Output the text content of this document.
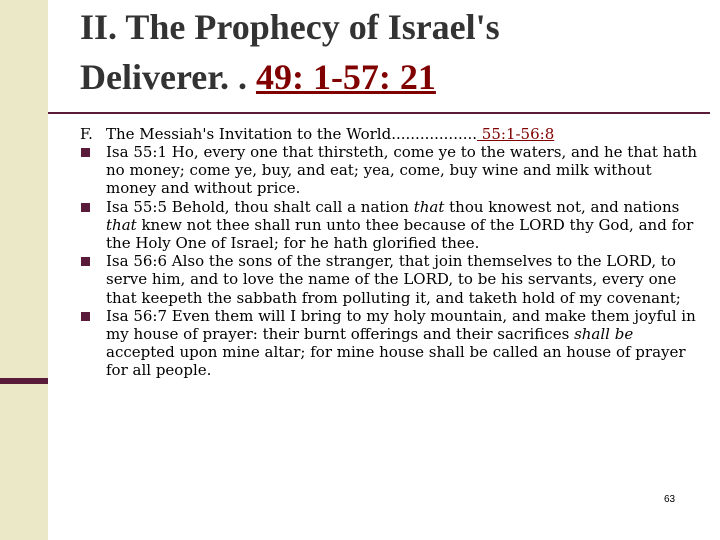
II. The Prophecy of Israel's
Deliverer. . 49: 1-57: 21
F. The Messiah's Invitation to the World.................. 55:1-56:8
Isa 55:1 Ho, every one that thirsteth, come ye to the waters, and he that hath no money; come ye, buy, and eat; yea, come, buy wine and milk without money and without price.
Isa 55:5 Behold, thou shalt call a nation that thou knowest not, and nations that knew not thee shall run unto thee because of the LORD thy God, and for the Holy One of Israel; for he hath glorified thee.
Isa 56:6 Also the sons of the stranger, that join themselves to the LORD, to serve him, and to love the name of the LORD, to be his servants, every one that keepeth the sabbath from polluting it, and taketh hold of my covenant;
Isa 56:7 Even them will I bring to my holy mountain, and make them joyful in my house of prayer: their burnt offerings and their sacrifices shall be accepted upon mine altar; for mine house shall be called an house of prayer for all people.
63
